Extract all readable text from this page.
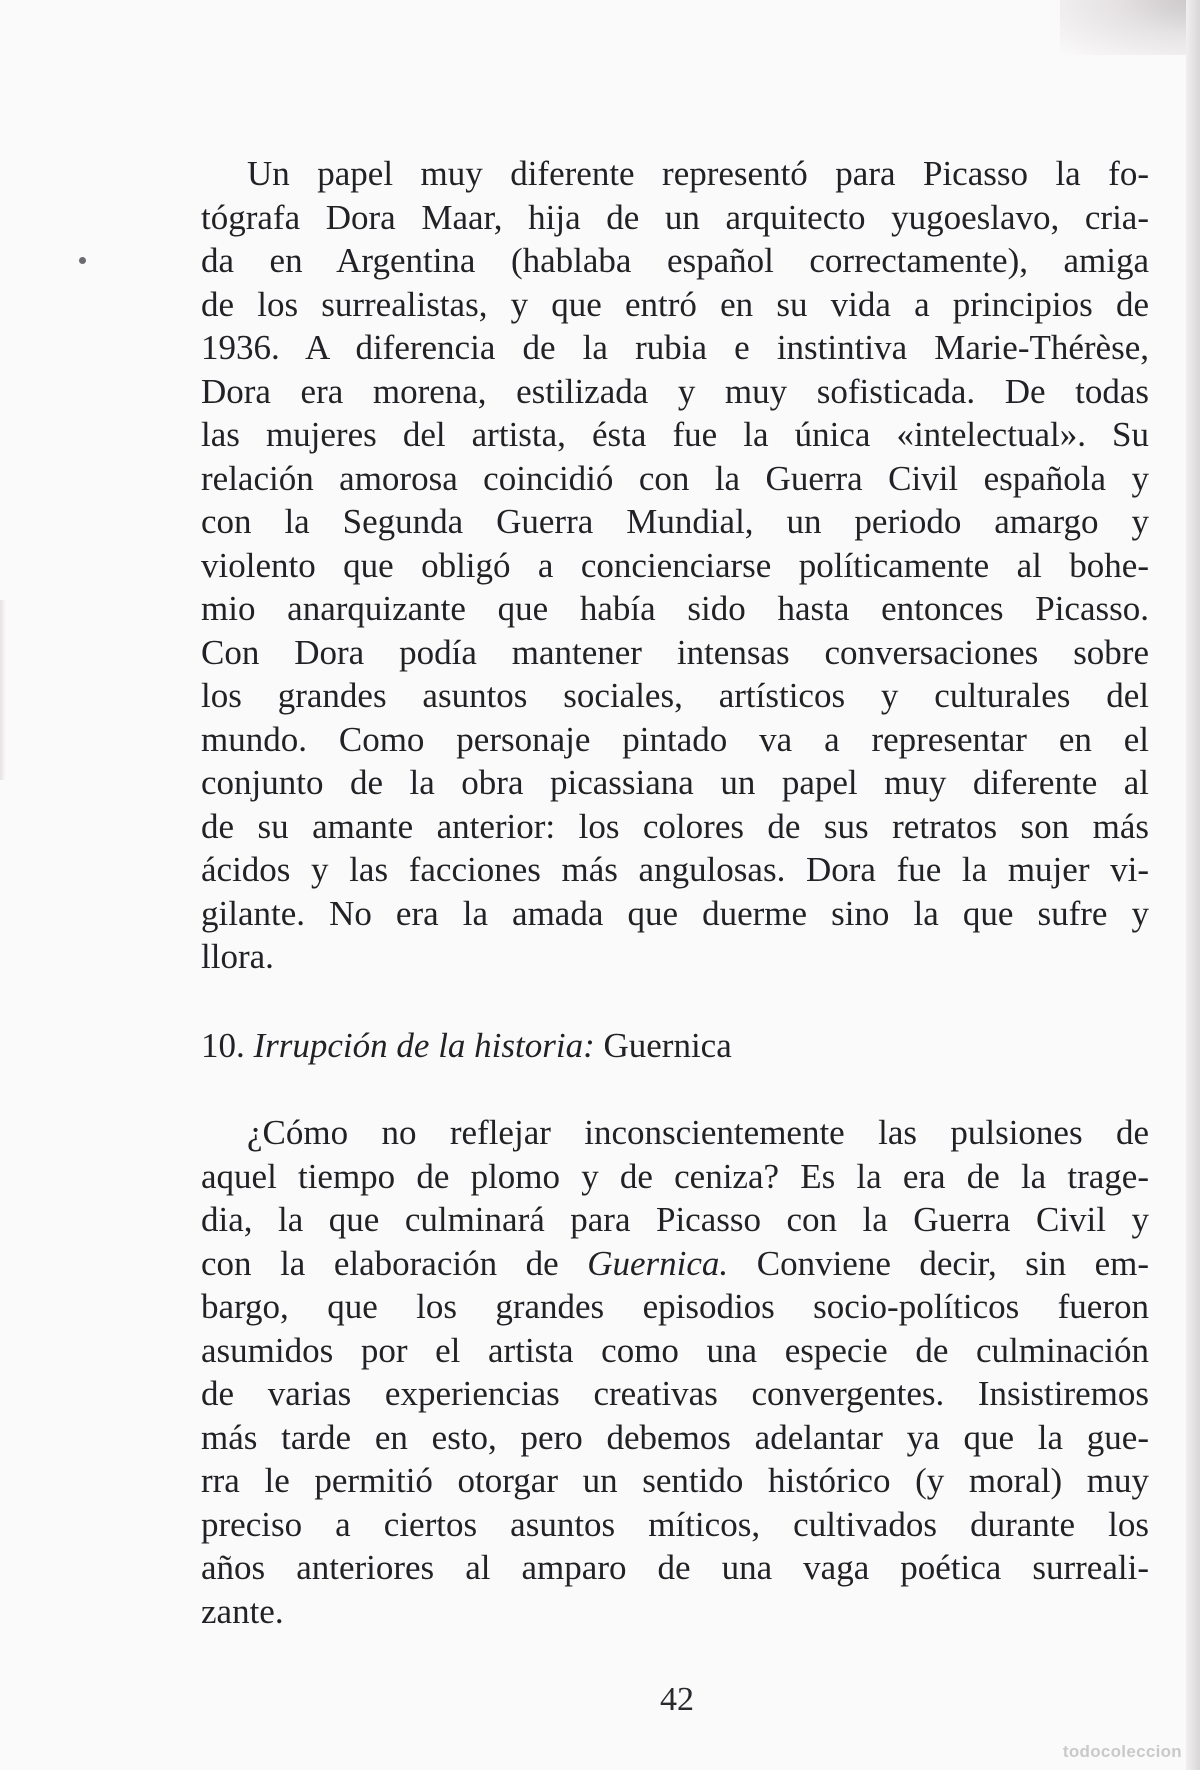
Un papel muy diferente representó para Picasso la fo-
tógrafa Dora Maar, hija de un arquitecto yugoeslavo, cria-
da en Argentina (hablaba español correctamente), amiga
de los surrealistas, y que entró en su vida a principios de
1936. A diferencia de la rubia e instintiva Marie-Thérèse,
Dora era morena, estilizada y muy sofisticada. De todas
las mujeres del artista, ésta fue la única «intelectual». Su
relación amorosa coincidió con la Guerra Civil española y
con la Segunda Guerra Mundial, un periodo amargo y
violento que obligó a concienciarse políticamente al bohe-
mio anarquizante que había sido hasta entonces Picasso.
Con Dora podía mantener intensas conversaciones sobre
los grandes asuntos sociales, artísticos y culturales del
mundo. Como personaje pintado va a representar en el
conjunto de la obra picassiana un papel muy diferente al
de su amante anterior: los colores de sus retratos son más
ácidos y las facciones más angulosas. Dora fue la mujer vi-
gilante. No era la amada que duerme sino la que sufre y
llora.
10. Irrupción de la historia: Guernica
¿Cómo no reflejar inconscientemente las pulsiones de
aquel tiempo de plomo y de ceniza? Es la era de la trage-
dia, la que culminará para Picasso con la Guerra Civil y
con la elaboración de Guernica. Conviene decir, sin em-
bargo, que los grandes episodios socio-políticos fueron
asumidos por el artista como una especie de culminación
de varias experiencias creativas convergentes. Insistiremos
más tarde en esto, pero debemos adelantar ya que la gue-
rra le permitió otorgar un sentido histórico (y moral) muy
preciso a ciertos asuntos míticos, cultivados durante los
años anteriores al amparo de una vaga poética surreali-
zante.
42
todocoleccion
